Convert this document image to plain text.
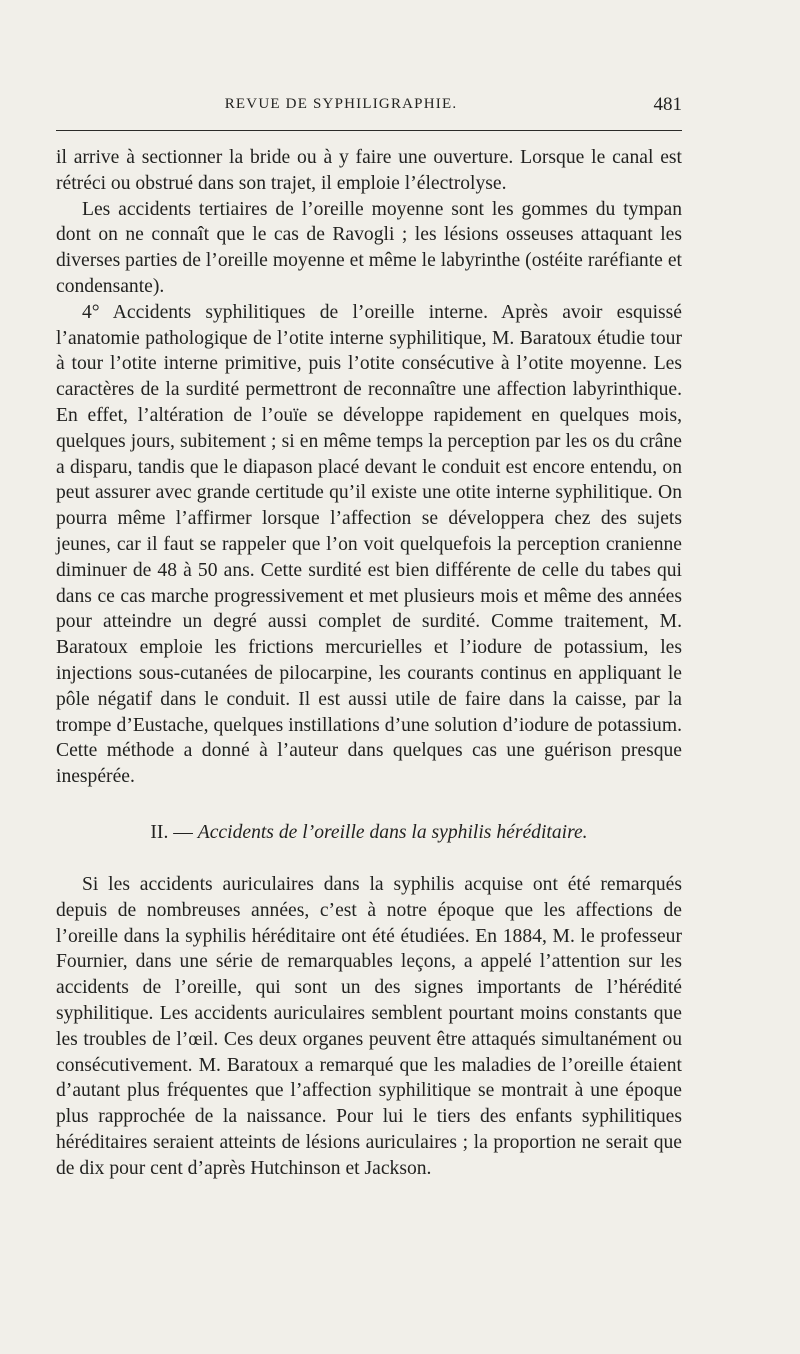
REVUE DE SYPHILIGRAPHIE.	481

il arrive à sectionner la bride ou à y faire une ouverture. Lorsque le canal est rétréci ou obstrué dans son trajet, il emploie l’électrolyse.

Les accidents tertiaires de l’oreille moyenne sont les gommes du tympan dont on ne connaît que le cas de Ravogli ; les lésions osseuses attaquant les diverses parties de l’oreille moyenne et même le labyrinthe (ostéite raréfiante et condensante).

4° Accidents syphilitiques de l’oreille interne. Après avoir esquissé l’anatomie pathologique de l’otite interne syphilitique, M. Baratoux étudie tour à tour l’otite interne primitive, puis l’otite consécutive à l’otite moyenne. Les caractères de la surdité permettront de reconnaître une affection labyrinthique. En effet, l’altération de l’ouïe se développe rapidement en quelques mois, quelques jours, subitement ; si en même temps la perception par les os du crâne a disparu, tandis que le diapason placé devant le conduit est encore entendu, on peut assurer avec grande certitude qu’il existe une otite interne syphilitique. On pourra même l’affirmer lorsque l’affection se développera chez des sujets jeunes, car il faut se rappeler que l’on voit quelquefois la perception cranienne diminuer de 48 à 50 ans. Cette surdité est bien différente de celle du tabes qui dans ce cas marche progressivement et met plusieurs mois et même des années pour atteindre un degré aussi complet de surdité. Comme traitement, M. Baratoux emploie les frictions mercurielles et l’iodure de potassium, les injections sous-cutanées de pilocarpine, les courants continus en appliquant le pôle négatif dans le conduit. Il est aussi utile de faire dans la caisse, par la trompe d’Eustache, quelques instillations d’une solution d’iodure de potassium. Cette méthode a donné à l’auteur dans quelques cas une guérison presque inespérée.

II. — Accidents de l’oreille dans la syphilis héréditaire.

Si les accidents auriculaires dans la syphilis acquise ont été remarqués depuis de nombreuses années, c’est à notre époque que les affections de l’oreille dans la syphilis héréditaire ont été étudiées. En 1884, M. le professeur Fournier, dans une série de remarquables leçons, a appelé l’attention sur les accidents de l’oreille, qui sont un des signes importants de l’hérédité syphilitique. Les accidents auriculaires semblent pourtant moins constants que les troubles de l’œil. Ces deux organes peuvent être attaqués simultanément ou consécutivement. M. Baratoux a remarqué que les maladies de l’oreille étaient d’autant plus fréquentes que l’affection syphilitique se montrait à une époque plus rapprochée de la naissance. Pour lui le tiers des enfants syphilitiques héréditaires seraient atteints de lésions auriculaires ; la proportion ne serait que de dix pour cent d’après Hutchinson et Jackson.
